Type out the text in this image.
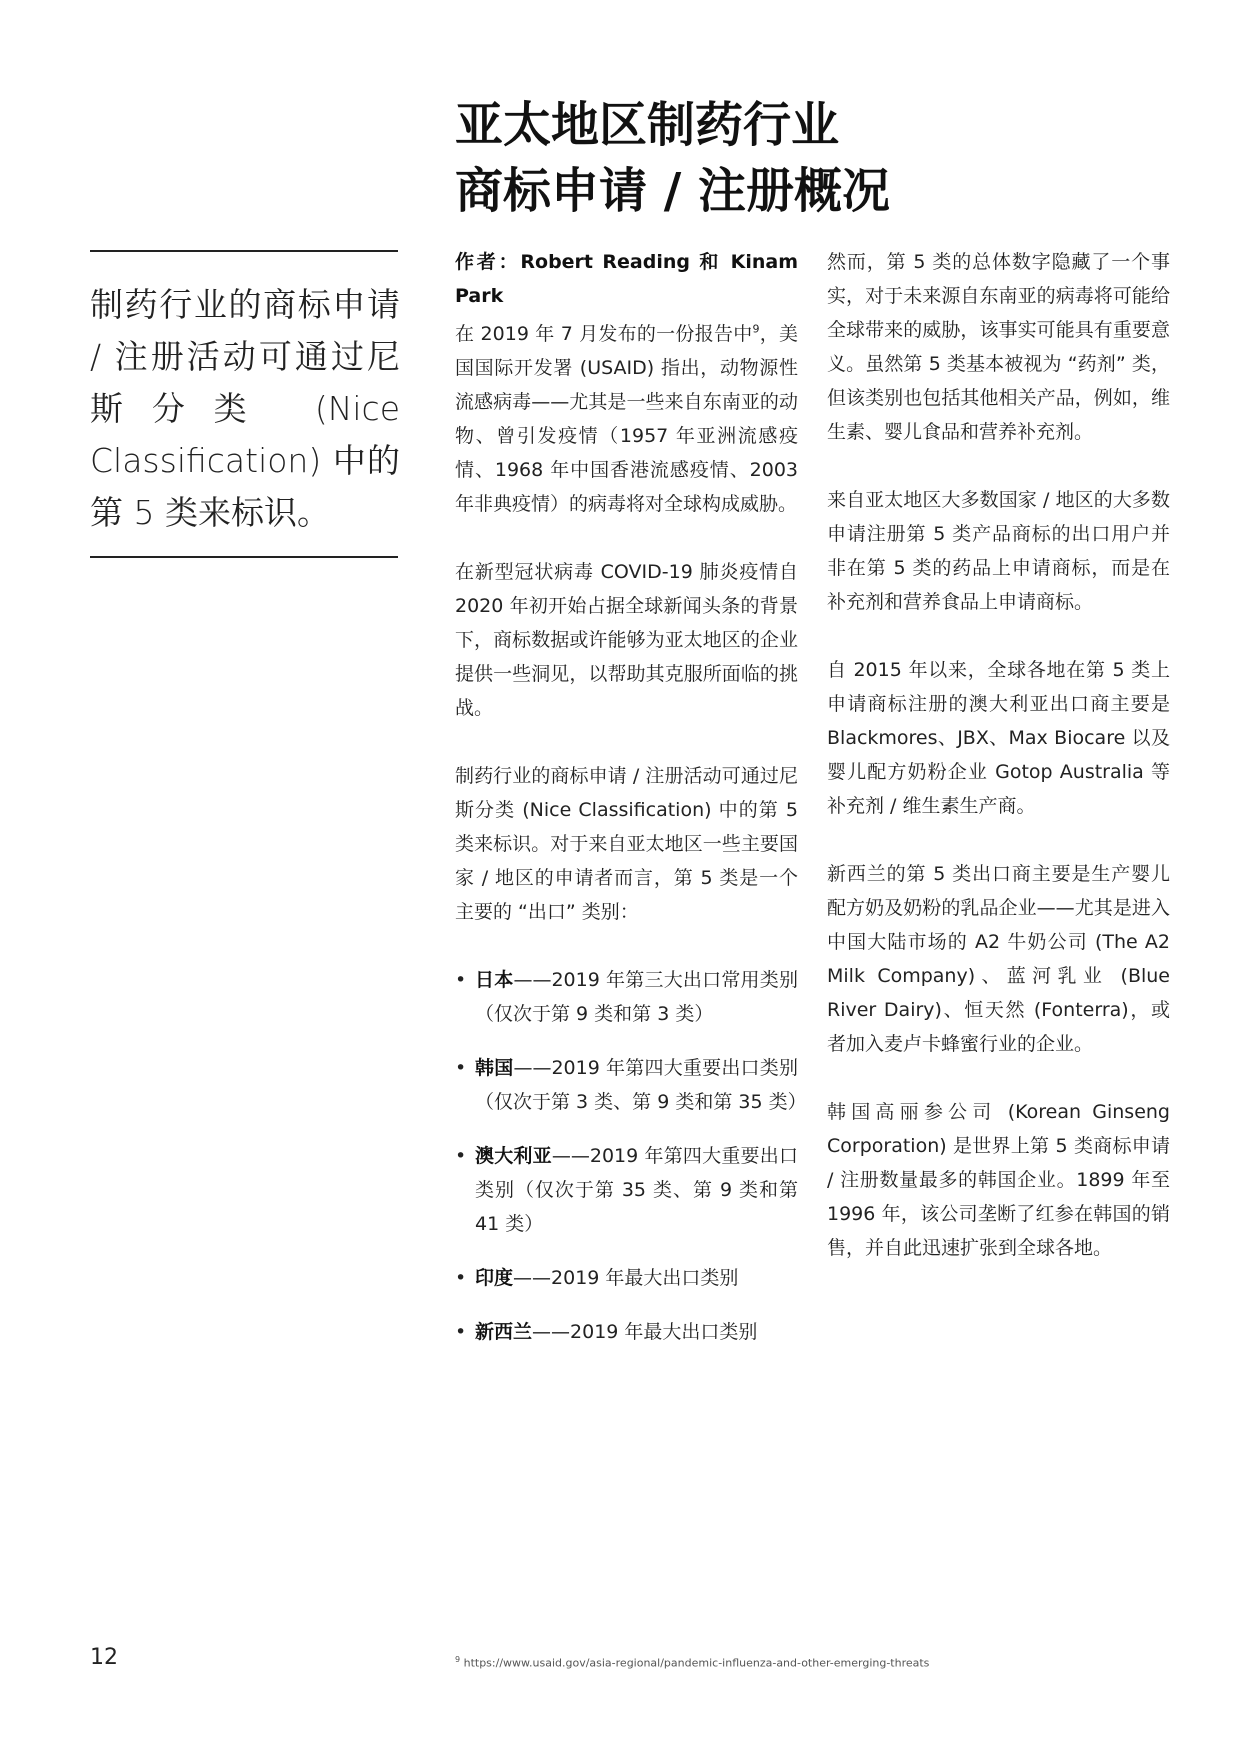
亚太地区制药行业
商标申请 / 注册概况

制药行业的商标申请 / 注册活动可通过尼斯分类 (Nice Classification) 中的第 5 类来标识。

作者：Robert Reading 和 Kinam Park

在 2019 年 7 月发布的一份报告中$^9$，美国国际开发署 (USAID) 指出，动物源性流感病毒——尤其是一些来自东南亚的动物、曾引发疫情（1957 年亚洲流感疫情、1968 年中国香港流感疫情、2003 年非典疫情）的病毒将对全球构成威胁。

在新型冠状病毒 COVID-19 肺炎疫情自 2020 年初开始占据全球新闻头条的背景下，商标数据或许能够为亚太地区的企业提供一些洞见，以帮助其克服所面临的挑战。

制药行业的商标申请 / 注册活动可通过尼斯分类 (Nice Classification) 中的第 5 类来标识。对于来自亚太地区一些主要国家 / 地区的申请者而言，第 5 类是一个主要的 “出口” 类别：

• 日本——2019 年第三大出口常用类别（仅次于第 9 类和第 3 类）
• 韩国——2019 年第四大重要出口类别（仅次于第 3 类、第 9 类和第 35 类）
• 澳大利亚——2019 年第四大重要出口类别（仅次于第 35 类、第 9 类和第 41 类）
• 印度——2019 年最大出口类别
• 新西兰——2019 年最大出口类别

然而，第 5 类的总体数字隐藏了一个事实，对于未来源自东南亚的病毒将可能给全球带来的威胁，该事实可能具有重要意义。虽然第 5 类基本被视为 “药剂” 类，但该类别也包括其他相关产品，例如，维生素、婴儿食品和营养补充剂。

来自亚太地区大多数国家 / 地区的大多数申请注册第 5 类产品商标的出口用户并非在第 5 类的药品上申请商标，而是在补充剂和营养食品上申请商标。

自 2015 年以来，全球各地在第 5 类上申请商标注册的澳大利亚出口商主要是 Blackmores、JBX、Max Biocare 以及婴儿配方奶粉企业 Gotop Australia 等补充剂 / 维生素生产商。

新西兰的第 5 类出口商主要是生产婴儿配方奶及奶粉的乳品企业——尤其是进入中国大陆市场的 A2 牛奶公司 (The A2 Milk Company)、蓝河乳业 (Blue River Dairy)、恒天然 (Fonterra)，或者加入麦卢卡蜂蜜行业的企业。

韩国高丽参公司 (Korean Ginseng Corporation) 是世界上第 5 类商标申请 / 注册数量最多的韩国企业。1899 年至 1996 年，该公司垄断了红参在韩国的销售，并自此迅速扩张到全球各地。

12	$^9$ https://www.usaid.gov/asia-regional/pandemic-influenza-and-other-emerging-threats
